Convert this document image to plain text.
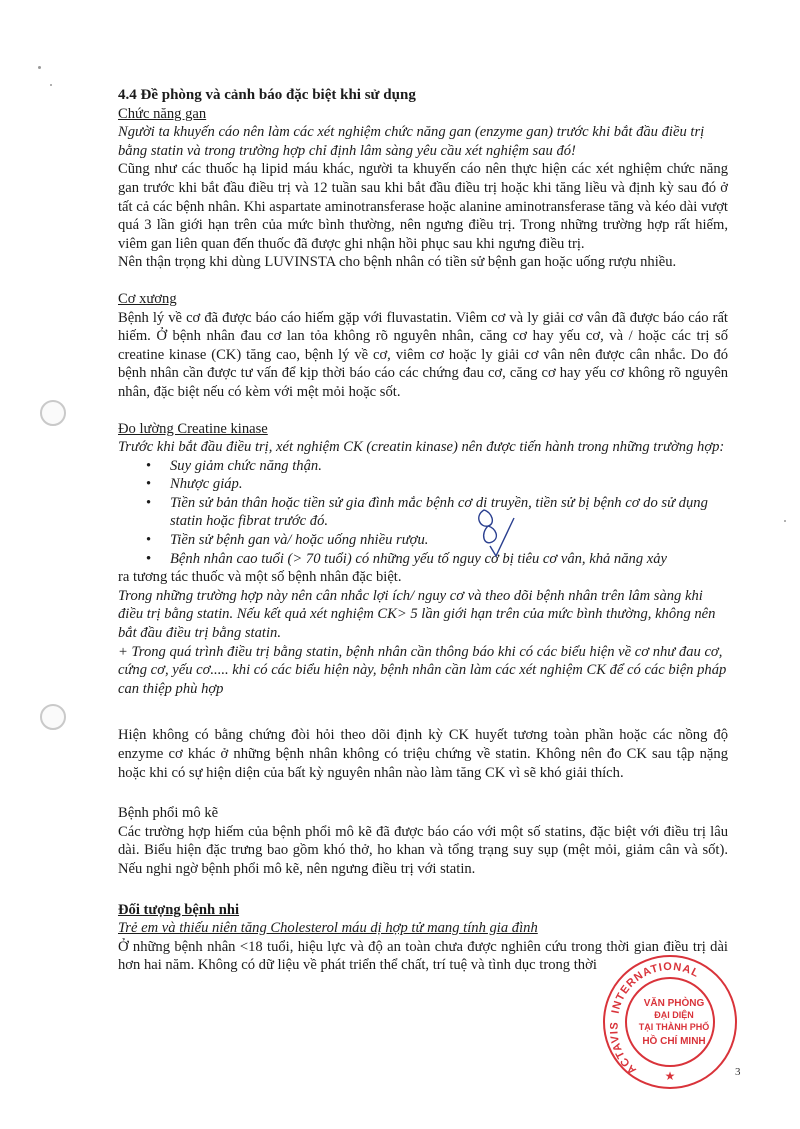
4.4 Đề phòng và cảnh báo đặc biệt khi sử dụng

Chức năng gan

Người ta khuyến cáo nên làm các xét nghiệm chức năng gan (enzyme gan) trước khi bắt đầu điều trị bằng statin và trong trường hợp chỉ định lâm sàng yêu cầu xét nghiệm sau đó!

Cũng như các thuốc hạ lipid máu khác, người ta khuyến cáo nên thực hiện các xét nghiệm chức năng gan trước khi bắt đầu điều trị và 12 tuần sau khi bắt đầu điều trị hoặc khi tăng liều và định kỳ sau đó ở tất cả các bệnh nhân. Khi aspartate aminotransferase hoặc alanine aminotransferase tăng và kéo dài vượt quá 3 lần giới hạn trên của mức bình thường, nên ngưng điều trị. Trong những trường hợp rất hiếm, viêm gan liên quan đến thuốc đã được ghi nhận hồi phục sau khi ngưng điều trị.

Nên thận trọng khi dùng LUVINSTA cho bệnh nhân có tiền sử bệnh gan hoặc uống rượu nhiều.

Cơ xương

Bệnh lý về cơ đã được báo cáo hiếm gặp với fluvastatin. Viêm cơ và ly giải cơ vân đã được báo cáo rất hiếm. Ở bệnh nhân đau cơ lan tỏa không rõ nguyên nhân, căng cơ hay yếu cơ, và / hoặc các trị số creatine kinase (CK) tăng cao, bệnh lý về cơ, viêm cơ hoặc ly giải cơ vân nên được cân nhắc. Do đó bệnh nhân cần được tư vấn để kịp thời báo cáo các chứng đau cơ, căng cơ hay yếu cơ không rõ nguyên nhân, đặc biệt nếu có kèm với mệt mỏi hoặc sốt.

Đo lường Creatine kinase

Trước khi bắt đầu điều trị, xét nghiệm CK (creatin kinase) nên được tiến hành trong những trường hợp:

• Suy giảm chức năng thận.
• Nhược giáp.
• Tiền sử bản thân hoặc tiền sử gia đình mắc bệnh cơ di truyền, tiền sử bị bệnh cơ do sử dụng statin hoặc fibrat trước đó.
• Tiền sử bệnh gan và/ hoặc uống nhiều rượu.

• Bệnh nhân cao tuổi (> 70 tuổi) có những yếu tố nguy cơ bị tiêu cơ vân, khả năng xảy

ra tương tác thuốc và một số bệnh nhân đặc biệt.

Trong những trường hợp này nên cân nhắc lợi ích/ nguy cơ và theo dõi bệnh nhân trên lâm sàng khi điều trị bằng statin. Nếu kết quả xét nghiệm CK> 5 lần giới hạn trên của mức bình thường, không nên bắt đầu điều trị bằng statin.

+ Trong quá trình điều trị bằng statin, bệnh nhân cần thông báo khi có các biểu hiện về cơ như đau cơ, cứng cơ, yếu cơ..... khi có các biểu hiện này, bệnh nhân cần làm các xét nghiệm CK để có các biện pháp can thiệp phù hợp

Hiện không có bằng chứng đòi hỏi theo dõi định kỳ CK huyết tương toàn phần hoặc các nồng độ enzyme cơ khác ở những bệnh nhân không có triệu chứng về statin. Không nên đo CK sau tập nặng hoặc khi có sự hiện diện của bất kỳ nguyên nhân nào làm tăng CK vì sẽ khó giải thích.

Bệnh phổi mô kẽ

Các trường hợp hiếm của bệnh phổi mô kẽ đã được báo cáo với một số statins, đặc biệt với điều trị lâu dài. Biểu hiện đặc trưng bao gồm khó thở, ho khan và tổng trạng suy sụp (mệt mỏi, giảm cân và sốt). Nếu nghi ngờ bệnh phổi mô kẽ, nên ngưng điều trị với statin.

Đối tượng bệnh nhi

Trẻ em và thiếu niên tăng Cholesterol máu dị hợp tử mang tính gia đình

Ở những bệnh nhân <18 tuổi, hiệu lực và độ an toàn chưa được nghiên cứu trong thời gian điều trị dài hơn hai năm. Không có dữ liệu về phát triển thể chất, trí tuệ và tình dục trong thời

INTERNATIONAL
ACTAVIS
VĂN PHÒNG
ĐẠI DIỆN
TẠI THÀNH PHỐ
HỒ CHÍ MINH
★	3
